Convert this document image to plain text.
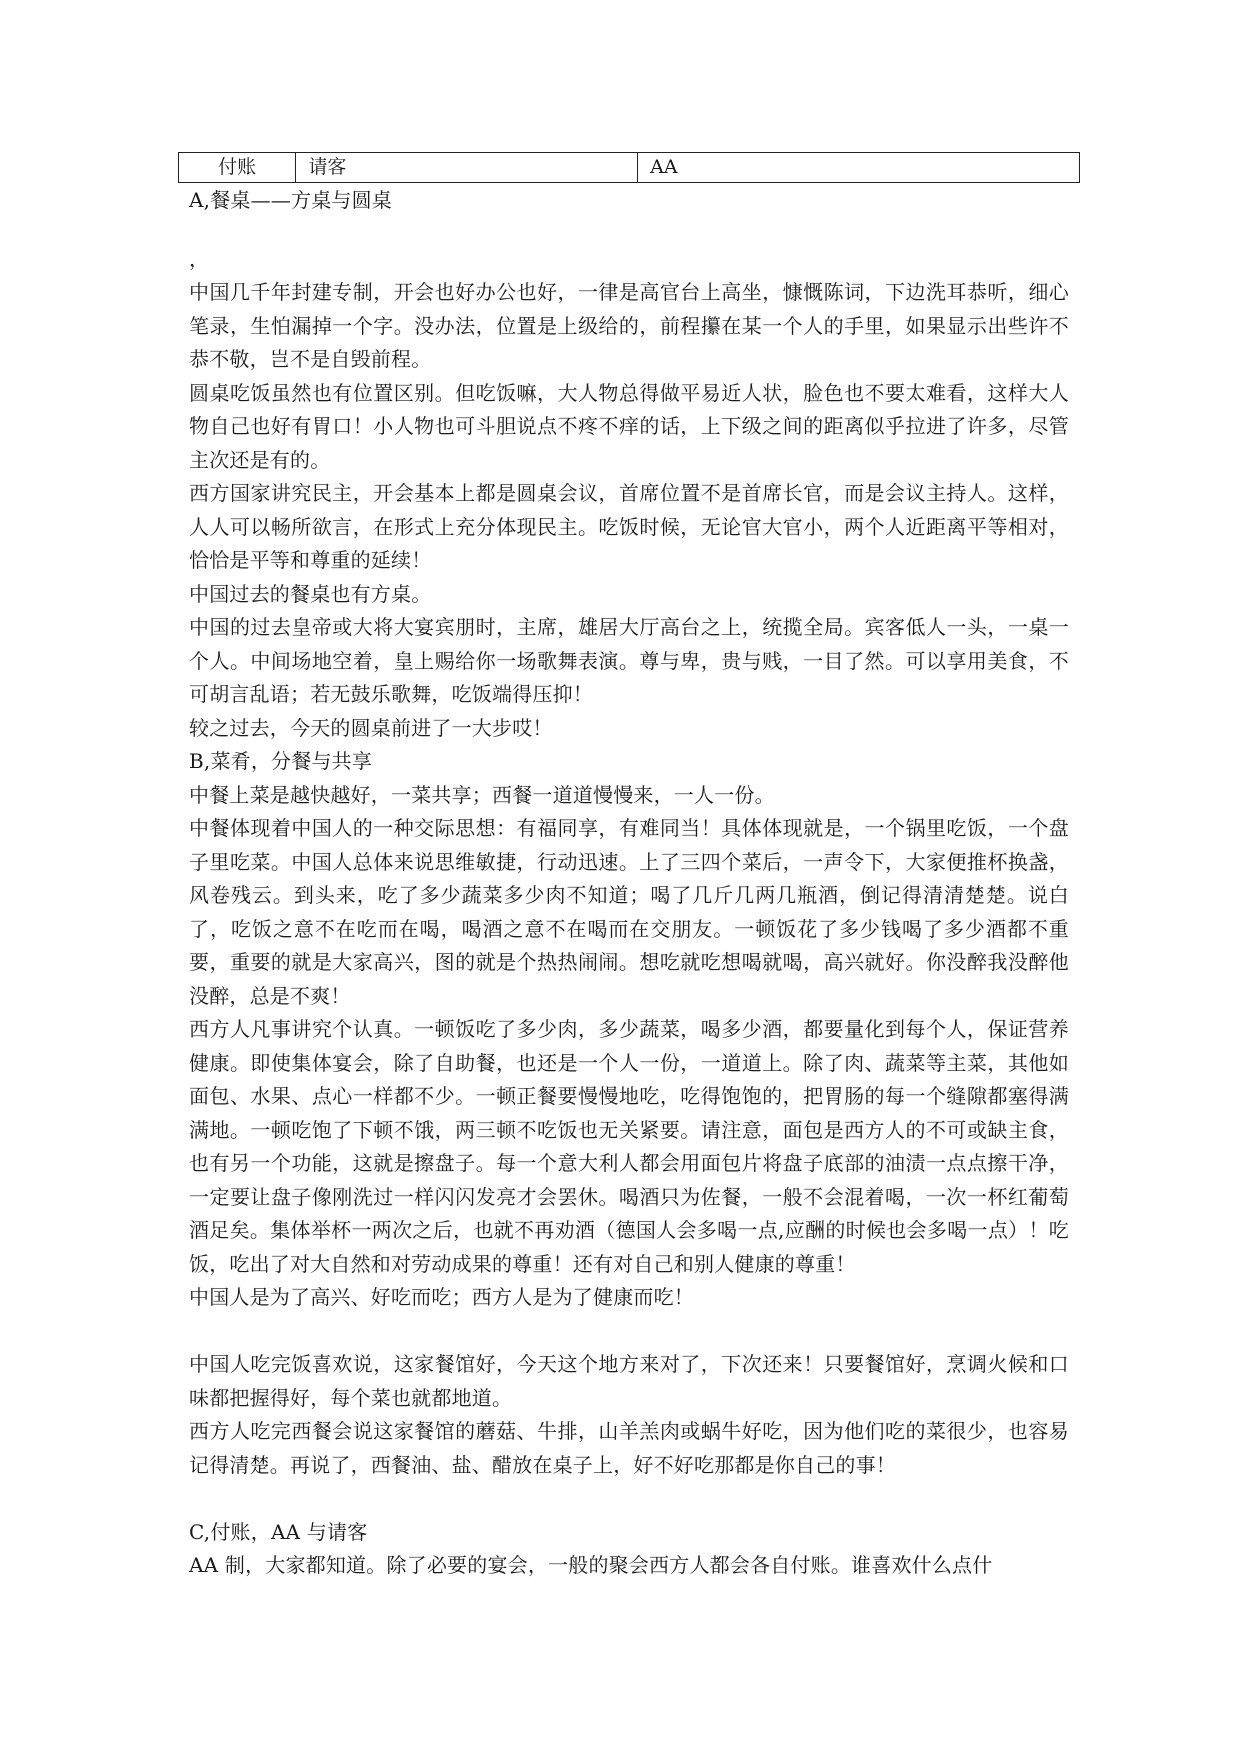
付账	请客	AA

A,餐桌——方桌与圆桌

，

中国几千年封建专制，开会也好办公也好，一律是高官台上高坐，慷慨陈词，下边洗耳恭听，细心笔录，生怕漏掉一个字。没办法，位置是上级给的，前程攥在某一个人的手里，如果显示出些许不恭不敬，岂不是自毁前程。

圆桌吃饭虽然也有位置区别。但吃饭嘛，大人物总得做平易近人状，脸色也不要太难看，这样大人物自己也好有胃口！小人物也可斗胆说点不疼不痒的话，上下级之间的距离似乎拉进了许多，尽管主次还是有的。

西方国家讲究民主，开会基本上都是圆桌会议，首席位置不是首席长官，而是会议主持人。这样，人人可以畅所欲言，在形式上充分体现民主。吃饭时候，无论官大官小，两个人近距离平等相对，恰恰是平等和尊重的延续！

中国过去的餐桌也有方桌。

中国的过去皇帝或大将大宴宾朋时，主席，雄居大厅高台之上，统揽全局。宾客低人一头，一桌一个人。中间场地空着，皇上赐给你一场歌舞表演。尊与卑，贵与贱，一目了然。可以享用美食，不可胡言乱语；若无鼓乐歌舞，吃饭端得压抑！

较之过去，今天的圆桌前进了一大步哎！

B,菜肴，分餐与共享

中餐上菜是越快越好，一菜共享；西餐一道道慢慢来，一人一份。

中餐体现着中国人的一种交际思想：有福同享，有难同当！具体体现就是，一个锅里吃饭，一个盘子里吃菜。中国人总体来说思维敏捷，行动迅速。上了三四个菜后，一声令下，大家便推杯换盏，风卷残云。到头来，吃了多少蔬菜多少肉不知道；喝了几斤几两几瓶酒，倒记得清清楚楚。说白了，吃饭之意不在吃而在喝，喝酒之意不在喝而在交朋友。一顿饭花了多少钱喝了多少酒都不重要，重要的就是大家高兴，图的就是个热热闹闹。想吃就吃想喝就喝，高兴就好。你没醉我没醉他没醉，总是不爽！

西方人凡事讲究个认真。一顿饭吃了多少肉，多少蔬菜，喝多少酒，都要量化到每个人，保证营养健康。即使集体宴会，除了自助餐，也还是一个人一份，一道道上。除了肉、蔬菜等主菜，其他如面包、水果、点心一样都不少。一顿正餐要慢慢地吃，吃得饱饱的，把胃肠的每一个缝隙都塞得满满地。一顿吃饱了下顿不饿，两三顿不吃饭也无关紧要。请注意，面包是西方人的不可或缺主食，也有另一个功能，这就是擦盘子。每一个意大利人都会用面包片将盘子底部的油渍一点点擦干净，一定要让盘子像刚洗过一样闪闪发亮才会罢休。喝酒只为佐餐，一般不会混着喝，一次一杯红葡萄酒足矣。集体举杯一两次之后，也就不再劝酒（德国人会多喝一点,应酬的时候也会多喝一点）！吃饭，吃出了对大自然和对劳动成果的尊重！还有对自己和别人健康的尊重！

中国人是为了高兴、好吃而吃；西方人是为了健康而吃！

中国人吃完饭喜欢说，这家餐馆好，今天这个地方来对了，下次还来！只要餐馆好，烹调火候和口味都把握得好，每个菜也就都地道。

西方人吃完西餐会说这家餐馆的蘑菇、牛排，山羊羔肉或蜗牛好吃，因为他们吃的菜很少，也容易记得清楚。再说了，西餐油、盐、醋放在桌子上，好不好吃那都是你自己的事！

C,付账，AA 与请客

AA 制，大家都知道。除了必要的宴会，一般的聚会西方人都会各自付账。谁喜欢什么点什
